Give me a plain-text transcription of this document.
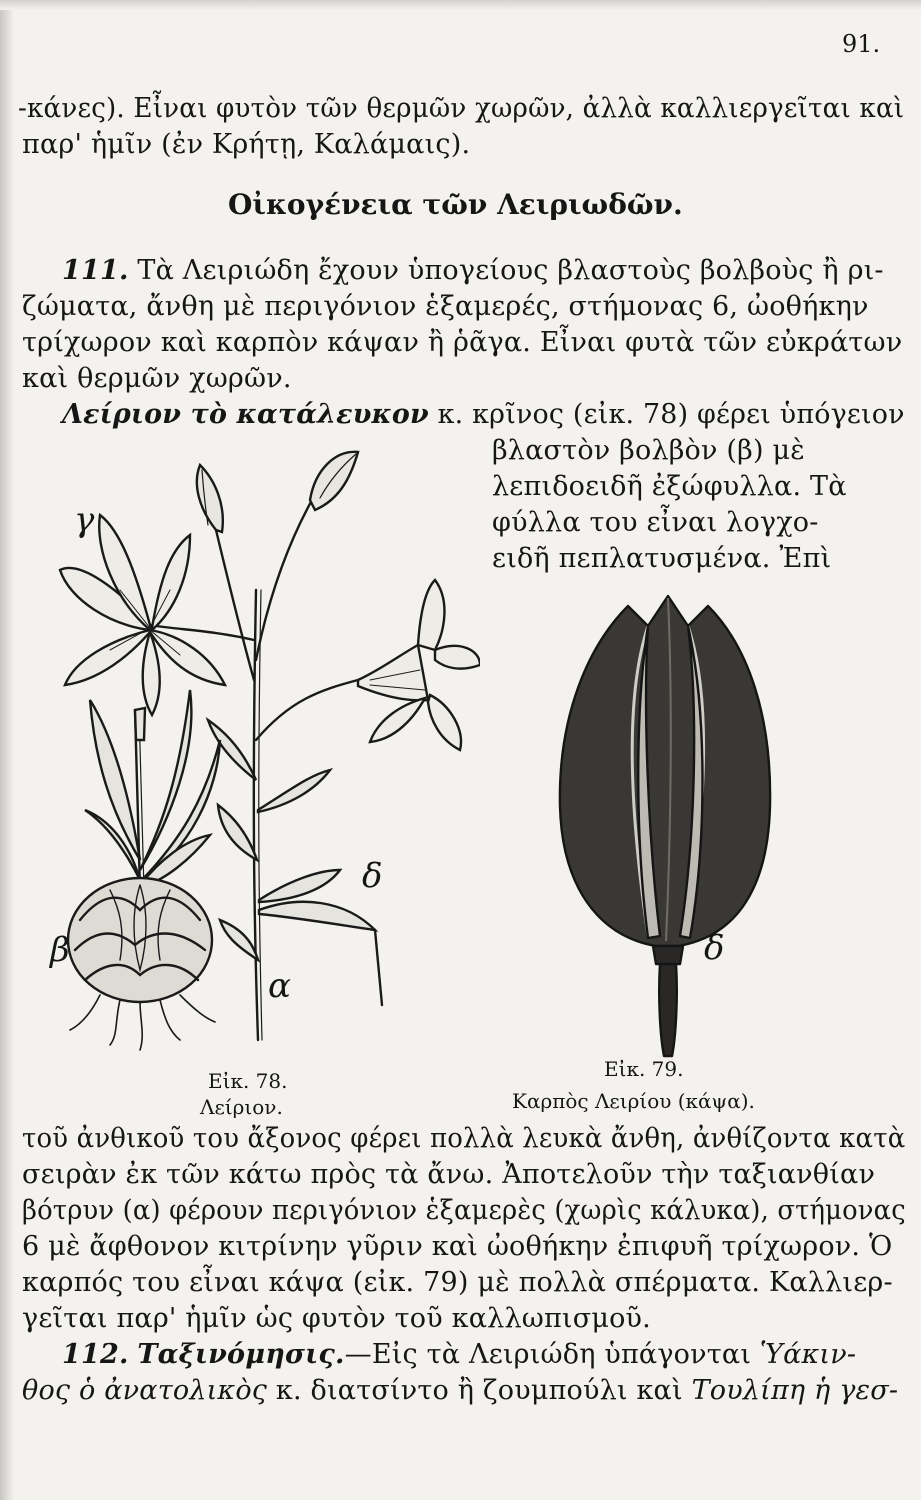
91.
-κάνες). Εἶναι φυτὸν τῶν θερμῶν χωρῶν, ἀλλὰ καλλιεργεῖται καὶ
παρ' ἡμῖν (ἐν Κρήτῃ, Καλάμαις).
Οἰκογένεια τῶν Λειριωδῶν.
111. Τὰ Λειριώδη ἔχουν ὑπογείους βλαστοὺς βολβοὺς ἢ ρι-
ζώματα, ἄνθη μὲ περιγόνιον ἑξαμερές, στήμονας 6, ὠοθήκην
τρίχωρον καὶ καρπὸν κάψαν ἢ ῥᾶγα. Εἶναι φυτὰ τῶν εὐκράτων
καὶ θερμῶν χωρῶν.
Λείριον τὸ κατάλευκον κ. κρῖνος (εἰκ. 78) φέρει ὑπόγειον
βλαστὸν βολβὸν (β) μὲ
λεπιδοειδῆ ἐξώφυλλα. Τὰ
φύλλα του εἶναι λογχο-
ειδῆ πεπλατυσμένα. Ἐπὶ
γ
β
α
δ
δ
Εἰκ. 78.
Λείριον.
Εἰκ. 79.
Καρπὸς Λειρίου (κάψα).
τοῦ ἀνθικοῦ του ἄξονος φέρει πολλὰ λευκὰ ἄνθη, ἀνθίζοντα κατὰ
σειρὰν ἐκ τῶν κάτω πρὸς τὰ ἄνω. Ἀποτελοῦν τὴν ταξιανθίαν
βότρυν (α) φέρουν περιγόνιον ἑξαμερὲς (χωρὶς κάλυκα), στήμονας
6 μὲ ἄφθονον κιτρίνην γῦριν καὶ ὠοθήκην ἐπιφυῆ τρίχωρον. Ὁ
καρπός του εἶναι κάψα (εἰκ. 79) μὲ πολλὰ σπέρματα. Καλλιερ-
γεῖται παρ' ἡμῖν ὡς φυτὸν τοῦ καλλωπισμοῦ.
112. Ταξινόμησις.—Εἰς τὰ Λειριώδη ὑπάγονται Ὑάκιν-
θος ὁ ἀνατολικὸς κ. διατσίντο ἢ ζουμπούλι καὶ Τουλίπη ἡ γεσ-
